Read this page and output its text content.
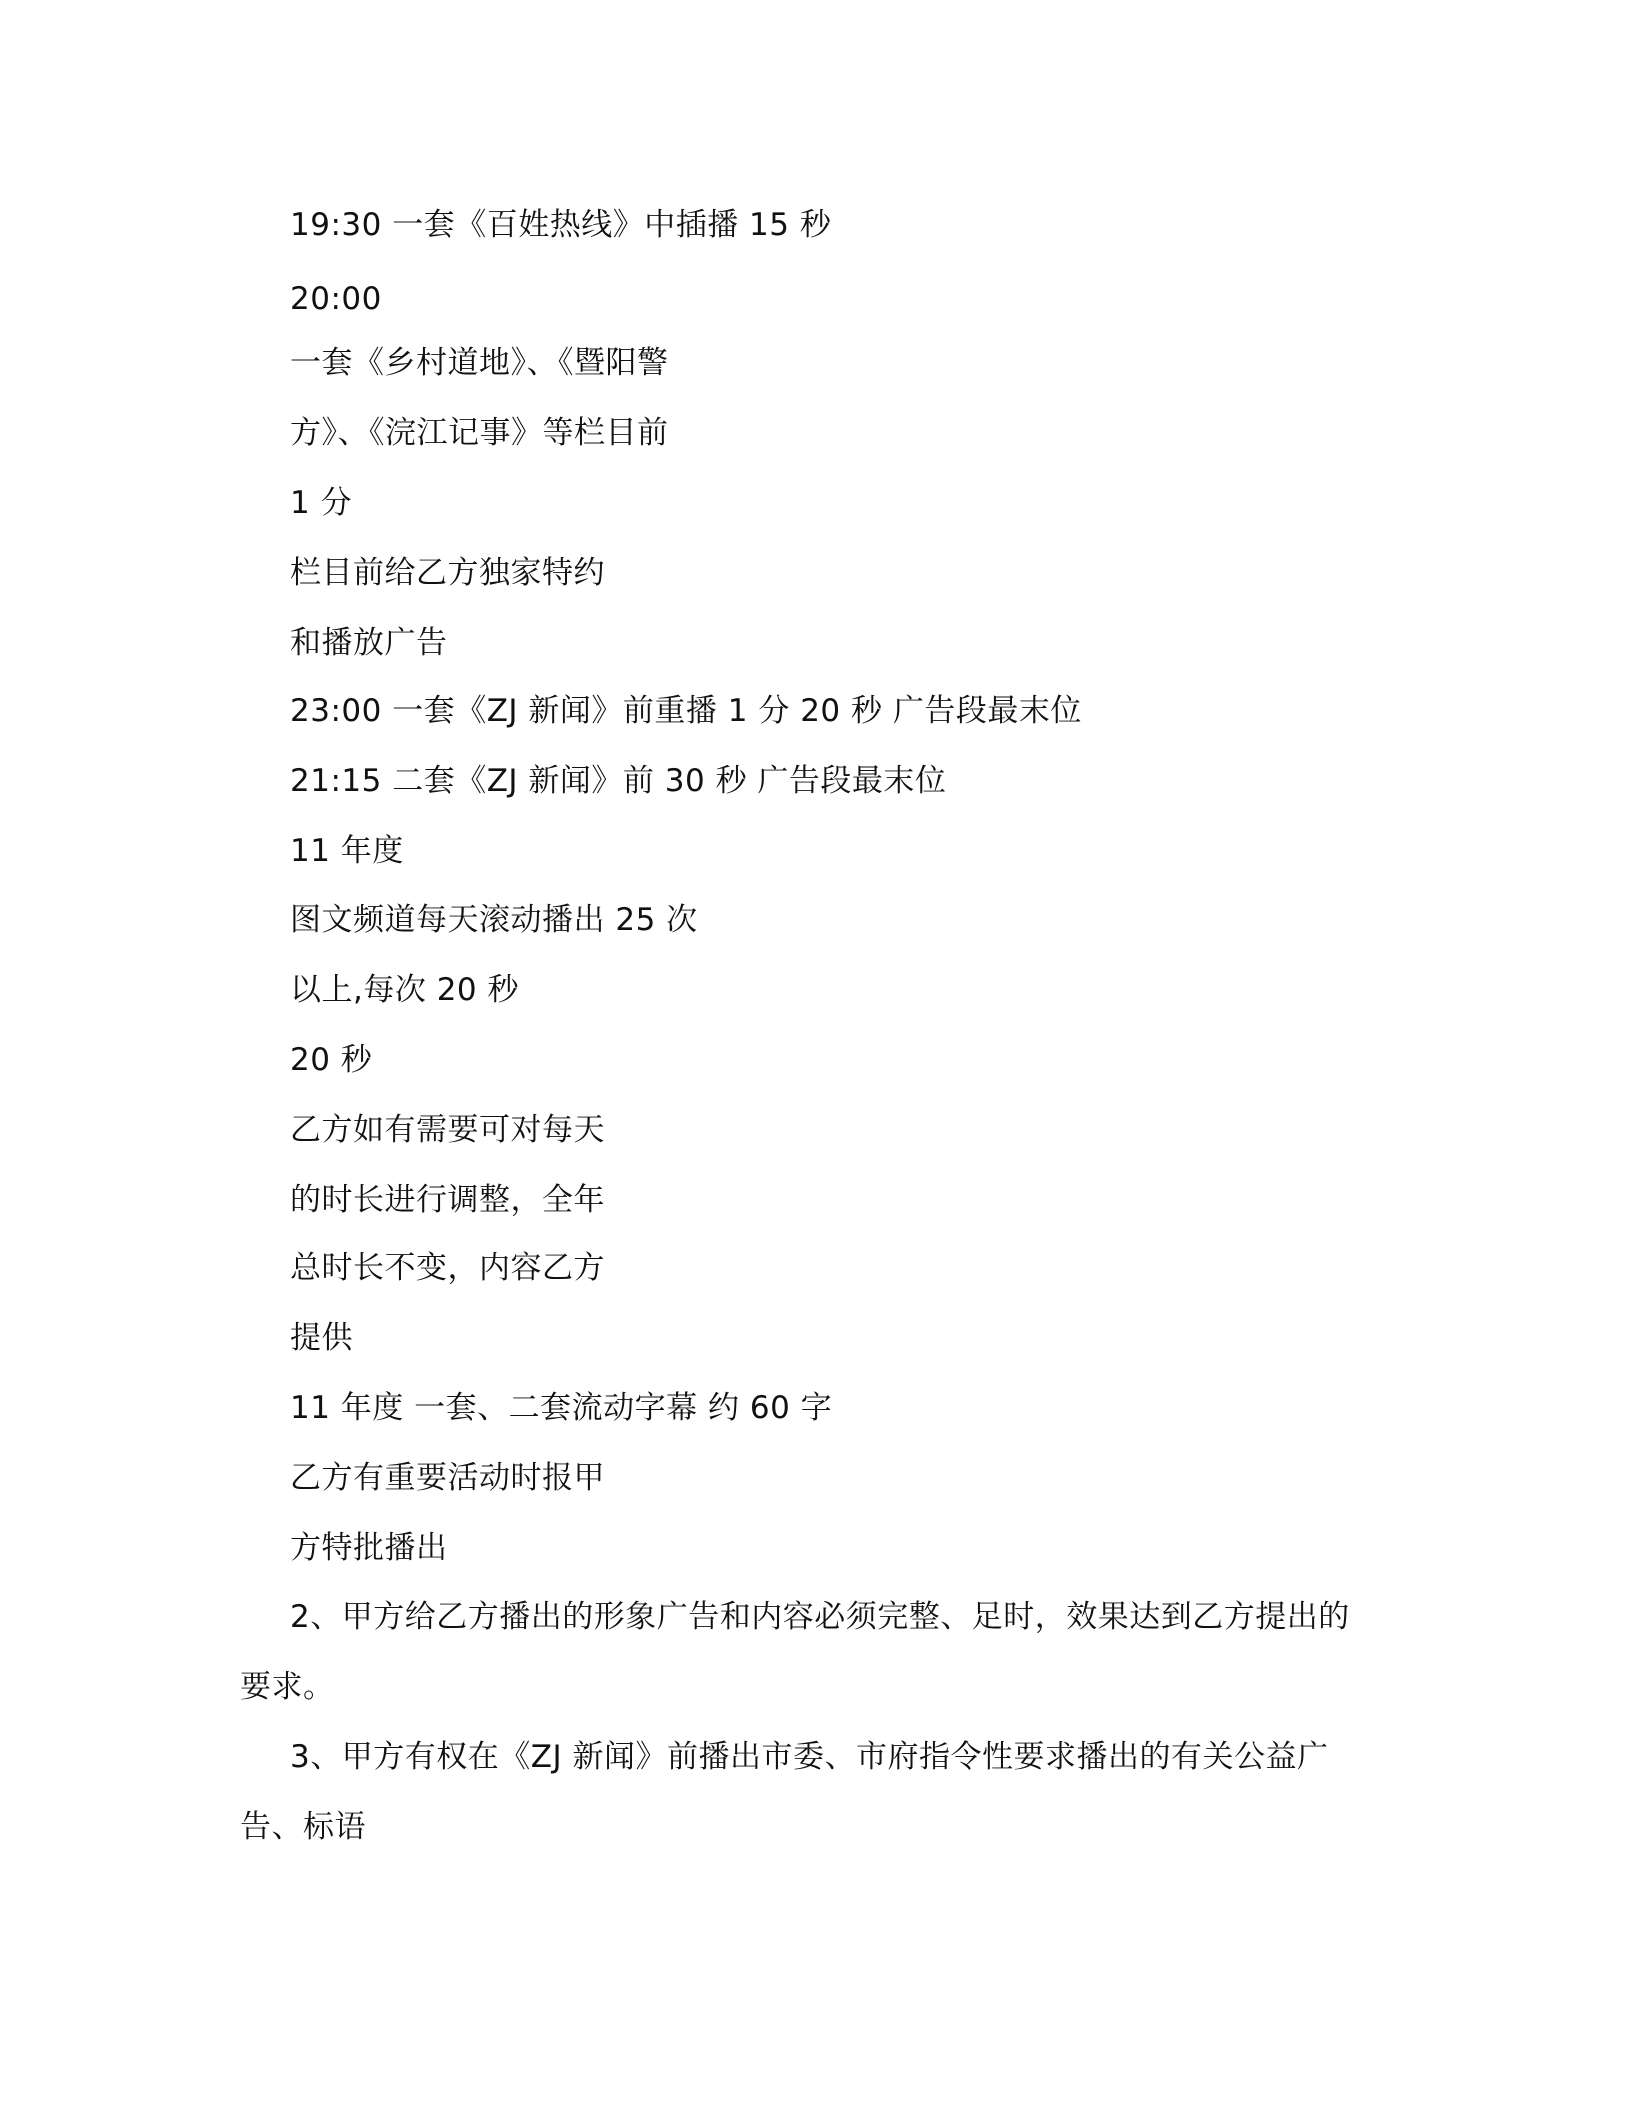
19:30 一套《百姓热线》中插播 15 秒
20:00
一套《乡村道地》、《暨阳警
方》、《浣江记事》等栏目前
1 分
栏目前给乙方独家特约
和播放广告
23:00 一套《ZJ 新闻》前重播 1 分 20 秒 广告段最末位
21:15 二套《ZJ 新闻》前 30 秒 广告段最末位
11 年度
图文频道每天滚动播出 25 次
以上,每次 20 秒
20 秒
乙方如有需要可对每天
的时长进行调整，全年
总时长不变，内容乙方
提供
11 年度 一套、二套流动字幕 约 60 字
乙方有重要活动时报甲
方特批播出
2、甲方给乙方播出的形象广告和内容必须完整、足时，效果达到乙方提出的
要求。
3、甲方有权在《ZJ 新闻》前播出市委、市府指令性要求播出的有关公益广
告、标语
